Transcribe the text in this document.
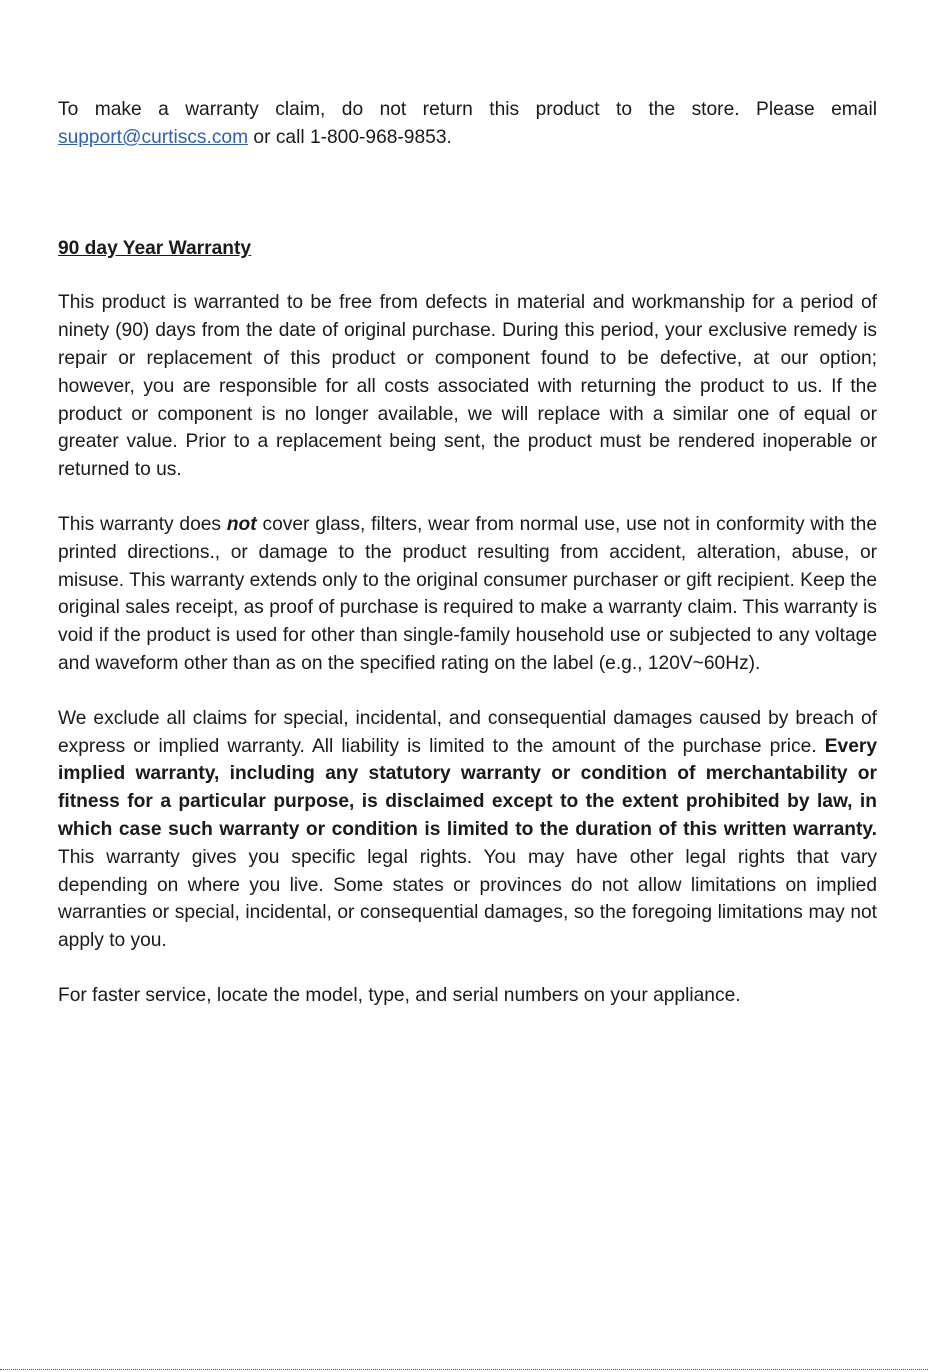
To make a warranty claim, do not return this product to the store. Please email support@curtiscs.com or call 1-800-968-9853.

90 day Year Warranty

This product is warranted to be free from defects in material and workmanship for a period of ninety (90) days from the date of original purchase. During this period, your exclusive remedy is repair or replacement of this product or component found to be defective, at our option; however, you are responsible for all costs associated with returning the product to us. If the product or component is no longer available, we will replace with a similar one of equal or greater value. Prior to a replacement being sent, the product must be rendered inoperable or returned to us.

This warranty does not cover glass, filters, wear from normal use, use not in conformity with the printed directions., or damage to the product resulting from accident, alteration, abuse, or misuse. This warranty extends only to the original consumer purchaser or gift recipient. Keep the original sales receipt, as proof of purchase is required to make a warranty claim. This warranty is void if the product is used for other than single-family household use or subjected to any voltage and waveform other than as on the specified rating on the label (e.g., 120V~60Hz).

We exclude all claims for special, incidental, and consequential damages caused by breach of express or implied warranty. All liability is limited to the amount of the purchase price. Every implied warranty, including any statutory warranty or condition of merchantability or fitness for a particular purpose, is disclaimed except to the extent prohibited by law, in which case such warranty or condition is limited to the duration of this written warranty. This warranty gives you specific legal rights. You may have other legal rights that vary depending on where you live. Some states or provinces do not allow limitations on implied warranties or special, incidental, or consequential damages, so the foregoing limitations may not apply to you.

For faster service, locate the model, type, and serial numbers on your appliance.
